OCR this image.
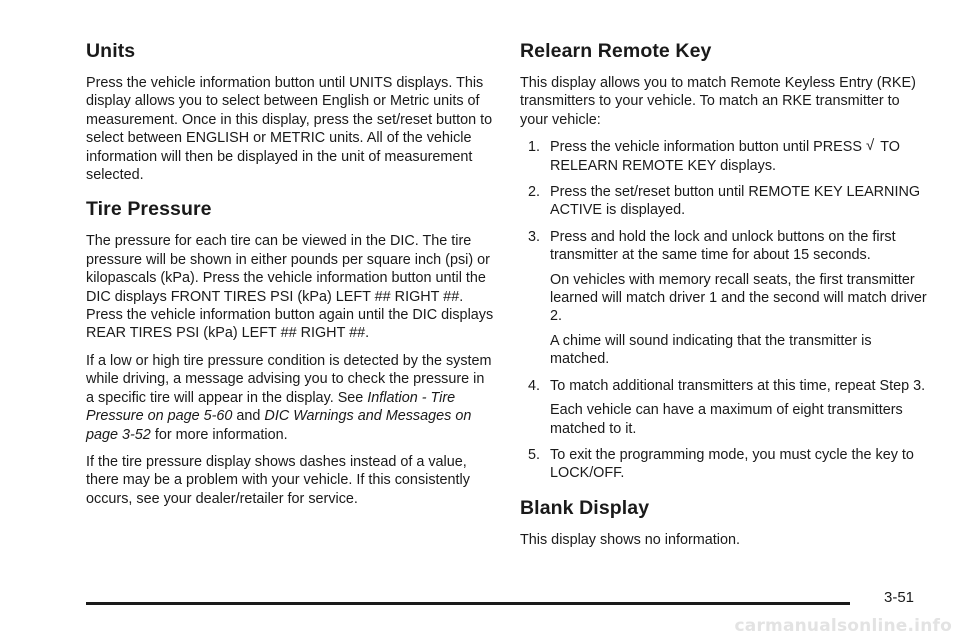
Units

Press the vehicle information button until UNITS displays. This display allows you to select between English or Metric units of measurement. Once in this display, press the set/reset button to select between ENGLISH or METRIC units. All of the vehicle information will then be displayed in the unit of measurement selected.

Tire Pressure

The pressure for each tire can be viewed in the DIC. The tire pressure will be shown in either pounds per square inch (psi) or kilopascals (kPa). Press the vehicle information button until the DIC displays FRONT TIRES PSI (kPa) LEFT ## RIGHT ##. Press the vehicle information button again until the DIC displays REAR TIRES PSI (kPa) LEFT ## RIGHT ##.

If a low or high tire pressure condition is detected by the system while driving, a message advising you to check the pressure in a specific tire will appear in the display. See Inflation - Tire Pressure on page 5-60 and DIC Warnings and Messages on page 3-52 for more information.

If the tire pressure display shows dashes instead of a value, there may be a problem with your vehicle. If this consistently occurs, see your dealer/retailer for service.

Relearn Remote Key

This display allows you to match Remote Keyless Entry (RKE) transmitters to your vehicle. To match an RKE transmitter to your vehicle:

1. Press the vehicle information button until PRESS √ TO RELEARN REMOTE KEY displays.
2. Press the set/reset button until REMOTE KEY LEARNING ACTIVE is displayed.
3. Press and hold the lock and unlock buttons on the first transmitter at the same time for about 15 seconds.
On vehicles with memory recall seats, the first transmitter learned will match driver 1 and the second will match driver 2.
A chime will sound indicating that the transmitter is matched.
4. To match additional transmitters at this time, repeat Step 3.
Each vehicle can have a maximum of eight transmitters matched to it.
5. To exit the programming mode, you must cycle the key to LOCK/OFF.
Blank Display

This display shows no information.

3-51
carmanualsonline.info
